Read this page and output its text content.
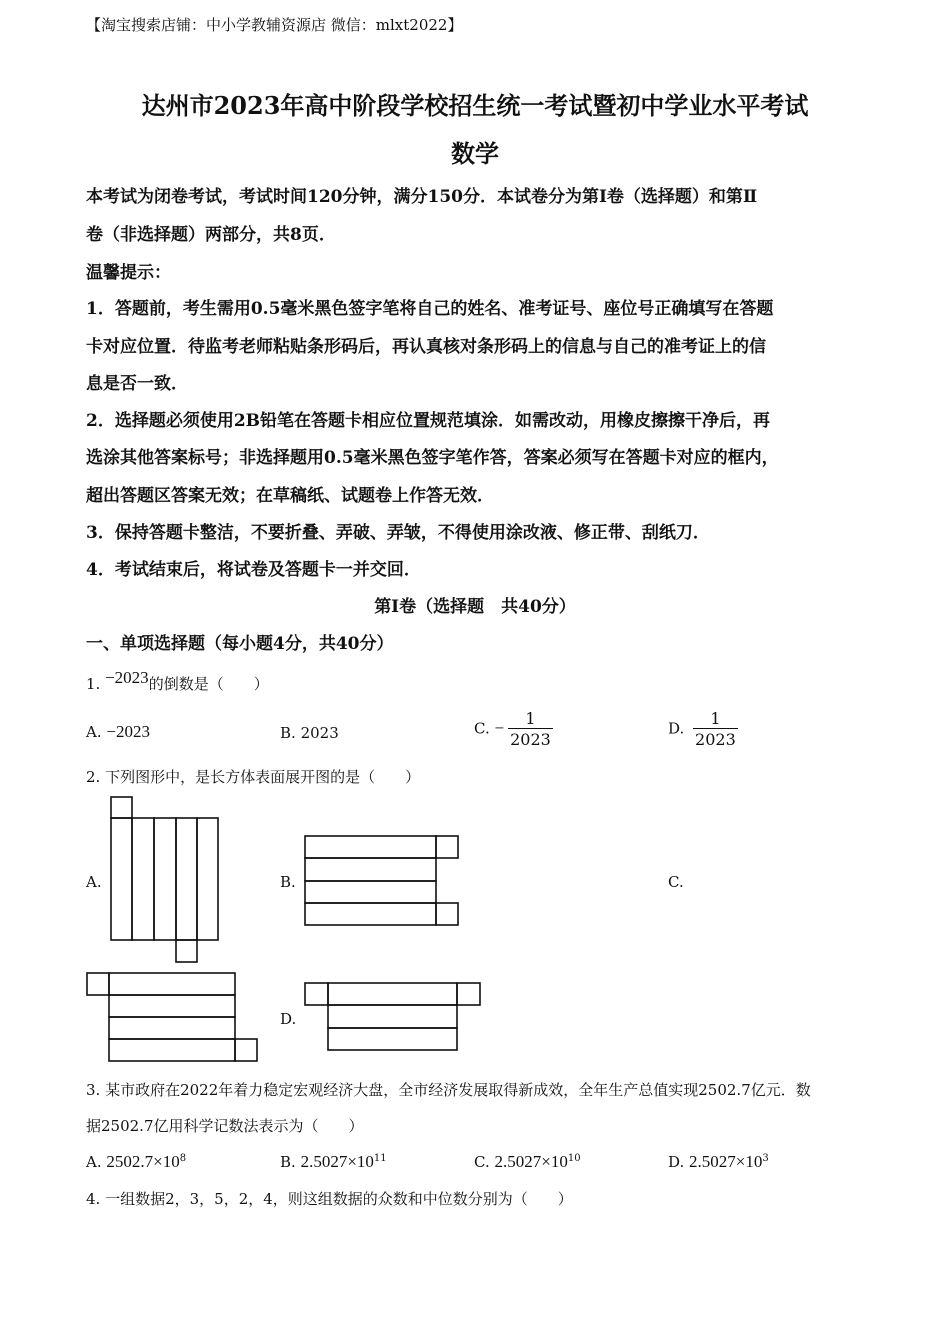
【淘宝搜索店铺：中小学教辅资源店 微信：mlxt2022】
达州市2023年高中阶段学校招生统一考试暨初中学业水平考试
数学
本考试为闭卷考试，考试时间120分钟，满分150分．本试卷分为第Ⅰ卷（选择题）和第Ⅱ
卷（非选择题）两部分，共8页．
温馨提示：
1．答题前，考生需用0.5毫米黑色签字笔将自己的姓名、准考证号、座位号正确填写在答题
卡对应位置．待监考老师粘贴条形码后，再认真核对条形码上的信息与自己的准考证上的信
息是否一致．
2．选择题必须使用2B铅笔在答题卡相应位置规范填涂．如需改动，用橡皮擦擦干净后，再
选涂其他答案标号；非选择题用0.5毫米黑色签字笔作答，答案必须写在答题卡对应的框内，
超出答题区答案无效；在草稿纸、试题卷上作答无效．
3．保持答题卡整洁，不要折叠、弄破、弄皱，不得使用涂改液、修正带、刮纸刀．
4．考试结束后，将试卷及答题卡一并交回．
第Ⅰ卷（选择题　共40分）
一、单项选择题（每小题4分，共40分）
1. −2023的倒数是（　　）
A. −2023	B. 2023	C. − $\frac{1}{2023}$	D. $\frac{1}{2023}$
2. 下列图形中，是长方体表面展开图的是（　　）
A.	B.	C.
D.
3. 某市政府在2022年着力稳定宏观经济大盘，全市经济发展取得新成效，全年生产总值实现2502.7亿元．数
据2502.7亿用科学记数法表示为（　　）
A. $2502.7\times 10^8$	B. $2.5027\times 10^{11}$	C. $2.5027\times 10^{10}$	D. $2.5027\times 10^3$
4. 一组数据2，3，5，2，4，则这组数据的众数和中位数分别为（　　）
